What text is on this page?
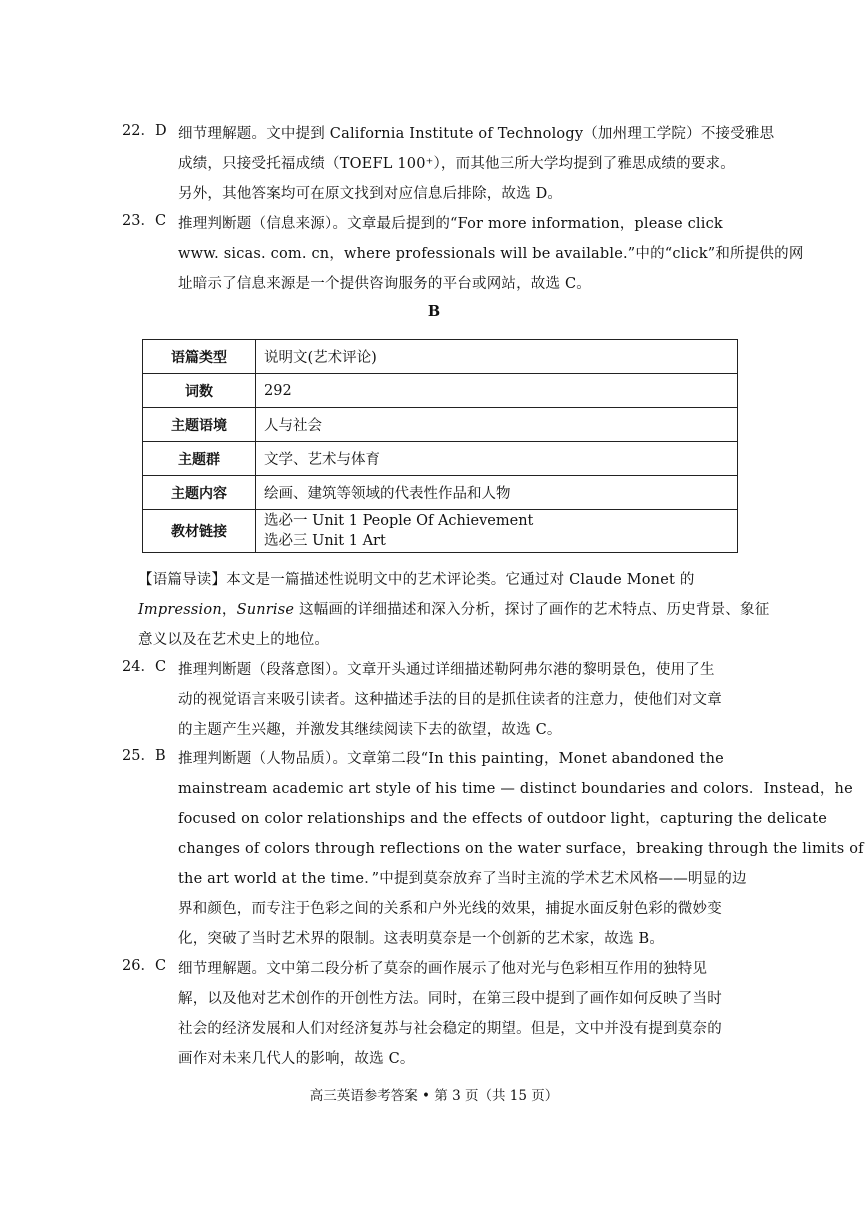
22．D 细节理解题。文中提到 California Institute of Technology（加州理工学院）不接受雅思
成绩，只接受托福成绩（TOEFL 100⁺），而其他三所大学均提到了雅思成绩的要求。
另外，其他答案均可在原文找到对应信息后排除，故选 D。
23．C 推理判断题（信息来源）。文章最后提到的“For more information，please click
www. sicas. com. cn，where professionals will be available.”中的“click”和所提供的网
址暗示了信息来源是一个提供咨询服务的平台或网站，故选 C。
B
语篇类型	说明文(艺术评论)
词数	292
主题语境	人与社会
主题群	文学、艺术与体育
主题内容	绘画、建筑等领域的代表性作品和人物
教材链接	选必一 Unit 1 People Of Achievement
选必三 Unit 1 Art
【语篇导读】本文是一篇描述性说明文中的艺术评论类。它通过对 Claude Monet 的
Impression，Sunrise 这幅画的详细描述和深入分析，探讨了画作的艺术特点、历史背景、象征
意义以及在艺术史上的地位。
24．C 推理判断题（段落意图）。文章开头通过详细描述勒阿弗尔港的黎明景色，使用了生
动的视觉语言来吸引读者。这种描述手法的目的是抓住读者的注意力，使他们对文章
的主题产生兴趣，并激发其继续阅读下去的欲望，故选 C。
25．B 推理判断题（人物品质）。文章第二段“In this painting，Monet abandoned the
mainstream academic art style of his time — distinct boundaries and colors．Instead，he
focused on color relationships and the effects of outdoor light，capturing the delicate
changes of colors through reflections on the water surface，breaking through the limits of
the art world at the time．”中提到莫奈放弃了当时主流的学术艺术风格——明显的边
界和颜色，而专注于色彩之间的关系和户外光线的效果，捕捉水面反射色彩的微妙变
化，突破了当时艺术界的限制。这表明莫奈是一个创新的艺术家，故选 B。
26．C 细节理解题。文中第二段分析了莫奈的画作展示了他对光与色彩相互作用的独特见
解，以及他对艺术创作的开创性方法。同时，在第三段中提到了画作如何反映了当时
社会的经济发展和人们对经济复苏与社会稳定的期望。但是，文中并没有提到莫奈的
画作对未来几代人的影响，故选 C。
高三英语参考答案 • 第 3 页（共 15 页）
